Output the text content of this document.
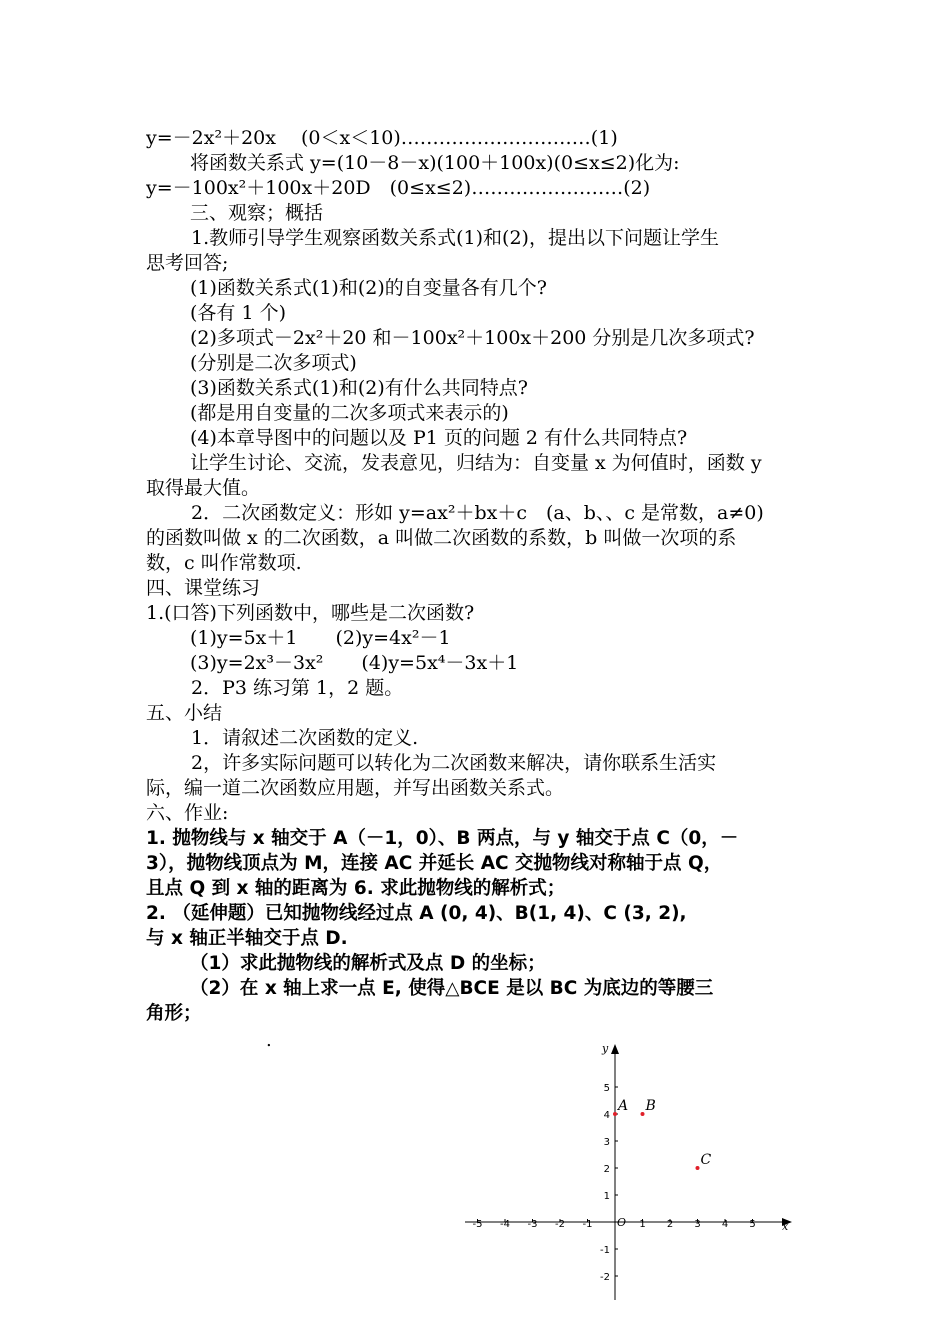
y=－2x²＋20x　 (0＜x＜10)…………………………(1)
将函数关系式 y=(10－8－x)(100＋100x)(0≤x≤2)化为:
y=－100x²＋100x＋20D　(0≤x≤2)……………………(2)
三、观察；概括
1.教师引导学生观察函数关系式(1)和(2)，提出以下问题让学生
思考回答;
(1)函数关系式(1)和(2)的自变量各有几个?
(各有 1 个)
(2)多项式－2x²＋20 和－100x²＋100x＋200 分别是几次多项式?
(分别是二次多项式)
(3)函数关系式(1)和(2)有什么共同特点?
(都是用自变量的二次多项式来表示的)
(4)本章导图中的问题以及 P1 页的问题 2 有什么共同特点?
让学生讨论、交流，发表意见，归结为：自变量 x 为何值时，函数 y
取得最大值。
2．二次函数定义：形如 y=ax²＋bx＋c　(a、b、、c 是常数，a≠0)
的函数叫做 x 的二次函数，a 叫做二次函数的系数，b 叫做一次项的系
数，c 叫作常数项.
四、课堂练习
1.(口答)下列函数中，哪些是二次函数?
(1)y=5x＋1　　(2)y=4x²－1
(3)y=2x³－3x²　　(4)y=5x⁴－3x＋1
2．P3 练习第 1，2 题。
五、小结
1．请叙述二次函数的定义.
2，许多实际问题可以转化为二次函数来解决，请你联系生活实
际，编一道二次函数应用题，并写出函数关系式。
六、作业:
1. 抛物线与 x 轴交于 A（－1，0）、B 两点，与 y 轴交于点 C（0，－
3），抛物线顶点为 M，连接 AC 并延长 AC 交抛物线对称轴于点 Q，
且点 Q 到 x 轴的距离为 6. 求此抛物线的解析式；
2. （延伸题）已知抛物线经过点 A (0, 4)、B(1, 4)、C (3, 2),
与 x 轴正半轴交于点 D.
（1）求此抛物线的解析式及点 D 的坐标；
（2）在 x 轴上求一点 E, 使得△BCE 是以 BC 为底边的等腰三
角形；
.
x
y
O
-5 -4 -3 -2 -1	1 2 3 4 5
-2
-1
1
2
3
4
5
A B
C
